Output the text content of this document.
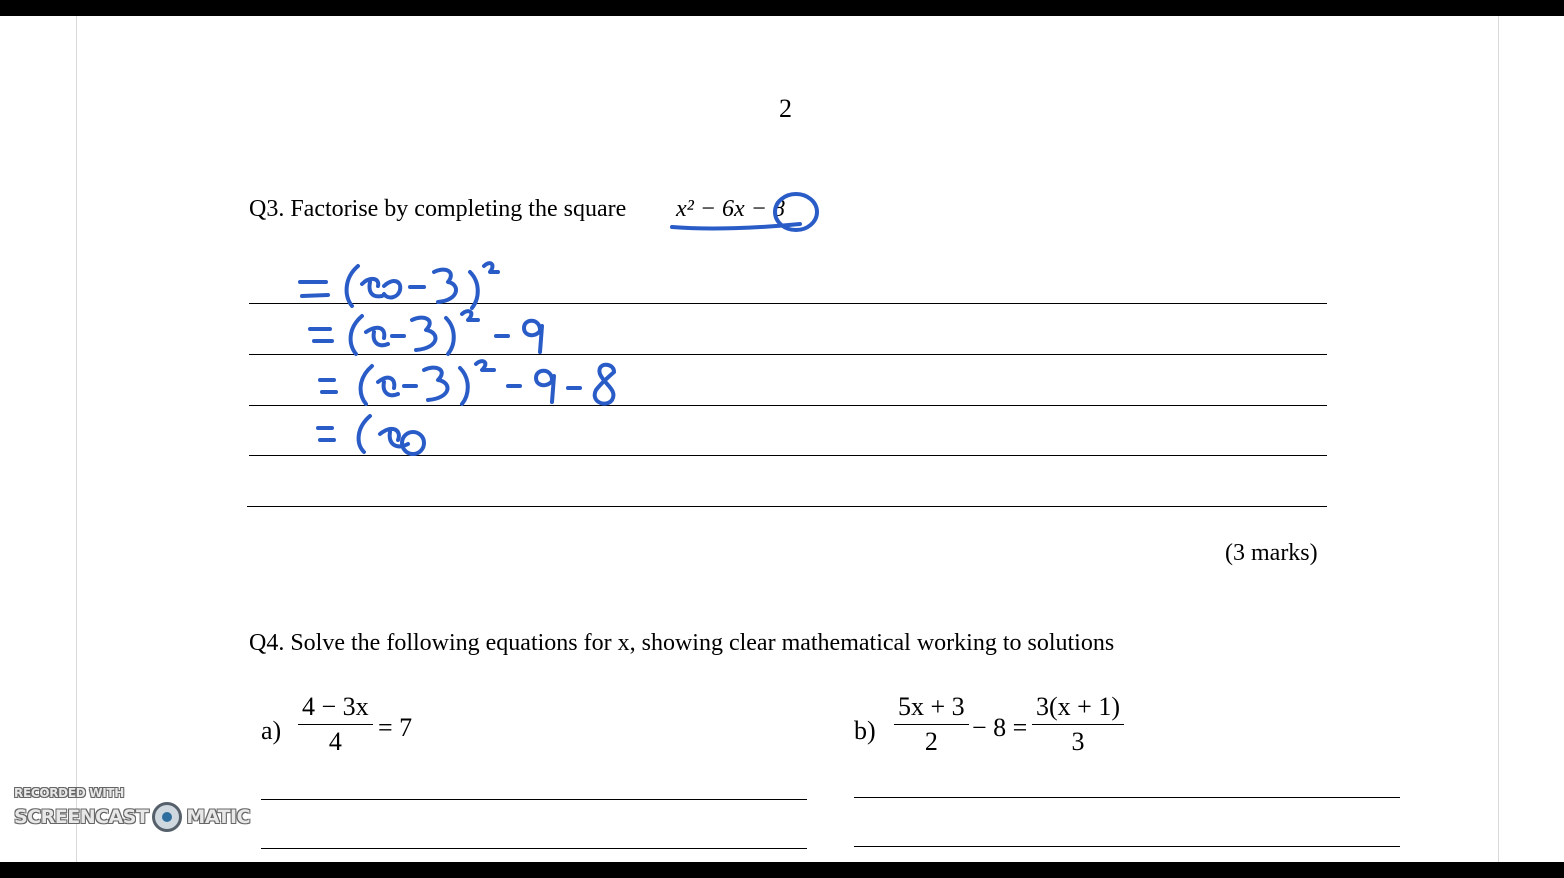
2
Q3. Factorise by completing the square x² − 6x − 8
(3 marks)
Q4. Solve the following equations for x, showing clear mathematical working to solutions
a)
4 − 3x
4	= 7	b)
5x + 3
2	− 8 =
3(x + 1)
3
RECORDED WITH
SCREENCAST MATIC
